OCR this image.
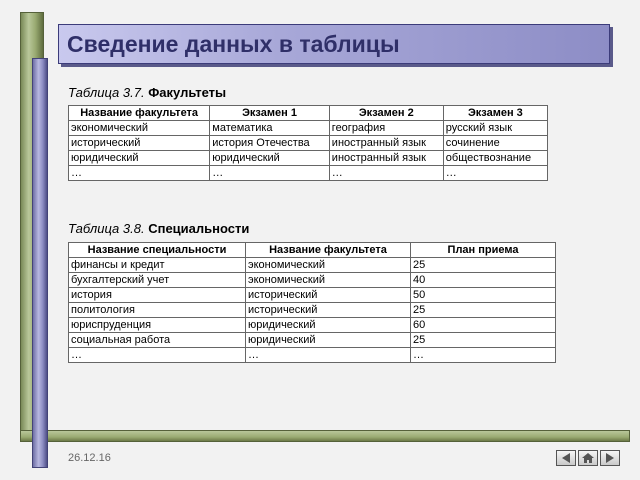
Сведение данных в таблицы
Таблица 3.7. Факультеты
Название факультета	Экзамен 1	Экзамен 2	Экзамен 3
экономический	математика	география	русский язык
исторический	история Отечества	иностранный язык	сочинение
юридический	юридический	иностранный язык	обществознание
…	…	…	…
Таблица 3.8. Специальности
Название специальности	Название факультета	План приема
финансы и кредит	экономический	25
бухгалтерский учет	экономический	40
история	исторический	50
политология	исторический	25
юриспруденция	юридический	60
социальная работа	юридический	25
…	…	…
26.12.16
